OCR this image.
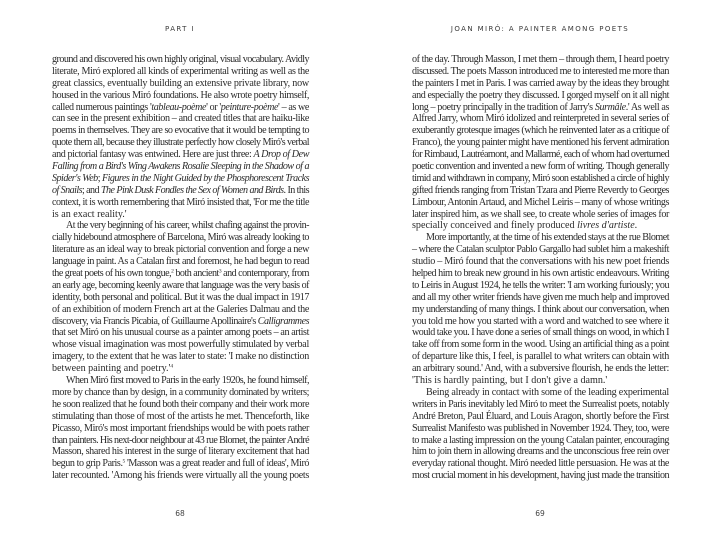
PART I
ground and discovered his own highly original, visual vocabulary. Avidly
literate, Miró explored all kinds of experimental writing as well as the
great classics, eventually building an extensive private library, now
housed in the various Miró foundations. He also wrote poetry himself,
called numerous paintings 'tableau-poème' or 'peinture-poème' – as we
can see in the present exhibition – and created titles that are haiku-like
poems in themselves. They are so evocative that it would be tempting to
quote them all, because they illustrate perfectly how closely Miró's verbal
and pictorial fantasy was entwined. Here are just three: A Drop of Dew
Falling from a Bird's Wing Awakens Rosalie Sleeping in the Shadow of a
Spider's Web; Figures in the Night Guided by the Phosphorescent Tracks
of Snails; and The Pink Dusk Fondles the Sex of Women and Birds. In this
context, it is worth remembering that Miró insisted that, 'For me the title
is an exact reality.'
At the very beginning of his career, whilst chafing against the provin-
cially hidebound atmosphere of Barcelona, Miró was already looking to
literature as an ideal way to break pictorial convention and forge a new
language in paint. As a Catalan first and foremost, he had begun to read
the great poets of his own tongue,$^2$ both ancient$^3$ and contemporary, from
an early age, becoming keenly aware that language was the very basis of
identity, both personal and political. But it was the dual impact in 1917
of an exhibition of modern French art at the Galeries Dalmau and the
discovery, via Francis Picabia, of Guillaume Apollinaire's Calligrammes
that set Miró on his unusual course as a painter among poets – an artist
whose visual imagination was most powerfully stimulated by verbal
imagery, to the extent that he was later to state: 'I make no distinction
between painting and poetry.'$^4$
When Miró first moved to Paris in the early 1920s, he found himself,
more by chance than by design, in a community dominated by writers;
he soon realized that he found both their company and their work more
stimulating than those of most of the artists he met. Thenceforth, like
Picasso, Miró's most important friendships would be with poets rather
than painters. His next-door neighbour at 43 rue Blomet, the painter André
Masson, shared his interest in the surge of literary excitement that had
begun to grip Paris.$^5$ 'Masson was a great reader and full of ideas', Miró
later recounted. 'Among his friends were virtually all the young poets
68
JOAN MIRÓ: A PAINTER AMONG POETS
of the day. Through Masson, I met them – through them, I heard poetry
discussed. The poets Masson introduced me to interested me more than
the painters I met in Paris. I was carried away by the ideas they brought
and especially the poetry they discussed. I gorged myself on it all night
long – poetry principally in the tradition of Jarry's Surmâle.' As well as
Alfred Jarry, whom Miró idolized and reinterpreted in several series of
exuberantly grotesque images (which he reinvented later as a critique of
Franco), the young painter might have mentioned his fervent admiration
for Rimbaud, Lautréamont, and Mallarmé, each of whom had overturned
poetic convention and invented a new form of writing. Though generally
timid and withdrawn in company, Miró soon established a circle of highly
gifted friends ranging from Tristan Tzara and Pierre Reverdy to Georges
Limbour, Antonin Artaud, and Michel Leiris – many of whose writings
later inspired him, as we shall see, to create whole series of images for
specially conceived and finely produced livres d'artiste.
More importantly, at the time of his extended stays at the rue Blomet
– where the Catalan sculptor Pablo Gargallo had sublet him a makeshift
studio – Miró found that the conversations with his new poet friends
helped him to break new ground in his own artistic endeavours. Writing
to Leiris in August 1924, he tells the writer: 'I am working furiously; you
and all my other writer friends have given me much help and improved
my understanding of many things. I think about our conversation, when
you told me how you started with a word and watched to see where it
would take you. I have done a series of small things on wood, in which I
take off from some form in the wood. Using an artificial thing as a point
of departure like this, I feel, is parallel to what writers can obtain with
an arbitrary sound.' And, with a subversive flourish, he ends the letter:
'This is hardly painting, but I don't give a damn.'
Being already in contact with some of the leading experimental
writers in Paris inevitably led Miró to meet the Surrealist poets, notably
André Breton, Paul Éluard, and Louis Aragon, shortly before the First
Surrealist Manifesto was published in November 1924. They, too, were
to make a lasting impression on the young Catalan painter, encouraging
him to join them in allowing dreams and the unconscious free rein over
everyday rational thought. Miró needed little persuasion. He was at the
most crucial moment in his development, having just made the transition
69
